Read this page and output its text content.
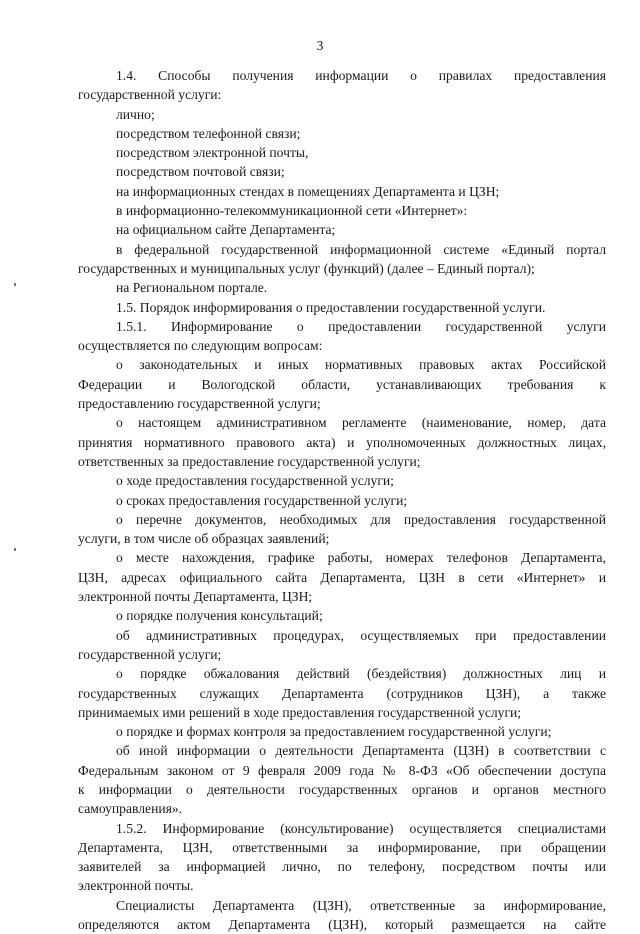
3

1.4. Способы получения информации о правилах предоставления
государственной услуги:

лично;

посредством телефонной связи;

посредством электронной почты,

посредством почтовой связи;

на информационных стендах в помещениях Департамента и ЦЗН;

в информационно-телекоммуникационной сети «Интернет»:

на официальном сайте Департамента;

в федеральной государственной информационной системе «Единый портал
государственных и муниципальных услуг (функций) (далее – Единый портал);

на Региональном портале.

1.5. Порядок информирования о предоставлении государственной услуги.

1.5.1. Информирование о предоставлении государственной услуги
осуществляется по следующим вопросам:

о законодательных и иных нормативных правовых актах Российской
Федерации и Вологодской области, устанавливающих требования к
предоставлению государственной услуги;

о настоящем административном регламенте (наименование, номер, дата
принятия нормативного правового акта) и уполномоченных должностных лицах,
ответственных за предоставление государственной услуги;

о ходе предоставления государственной услуги;

о сроках предоставления государственной услуги;

о перечне документов, необходимых для предоставления государственной
услуги, в том числе об образцах заявлений;

о месте нахождения, графике работы, номерах телефонов Департамента,
ЦЗН, адресах официального сайта Департамента, ЦЗН в сети «Интернет» и
электронной почты Департамента, ЦЗН;

о порядке получения консультаций;

об административных процедурах, осуществляемых при предоставлении
государственной услуги;

о порядке обжалования действий (бездействия) должностных лиц и
государственных служащих Департамента (сотрудников ЦЗН), а также
принимаемых ими решений в ходе предоставления государственной услуги;

о порядке и формах контроля за предоставлением государственной услуги;

об иной информации о деятельности Департамента (ЦЗН) в соответствии с
Федеральным законом от 9 февраля 2009 года № 8-ФЗ «Об обеспечении доступа
к информации о деятельности государственных органов и органов местного
самоуправления».

1.5.2. Информирование (консультирование) осуществляется специалистами
Департамента, ЦЗН, ответственными за информирование, при обращении
заявителей за информацией лично, по телефону, посредством почты или
электронной почты.

Специалисты Департамента (ЦЗН), ответственные за информирование,
определяются актом Департамента (ЦЗН), который размещается на сайте
